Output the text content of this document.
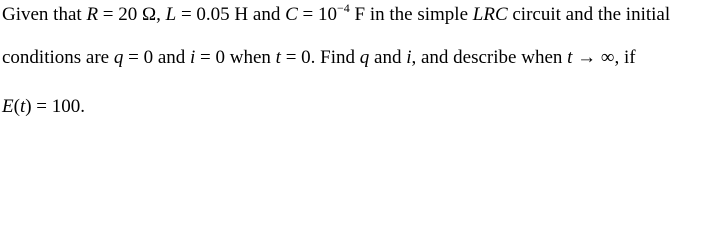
Given that R = 20 Ω, L = 0.05 H and $C = 10^{-4}$ F in the simple LRC circuit and the initial
conditions are q = 0 and i = 0 when t = 0. Find q and i, and describe when t → ∞, if
E(t) = 100.
